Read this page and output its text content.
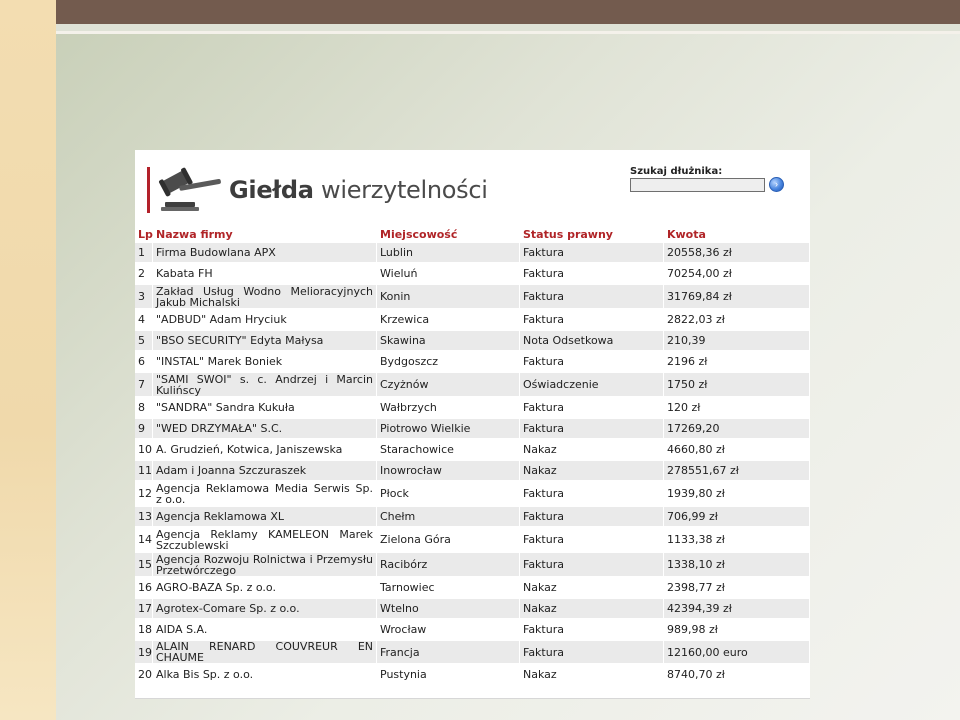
Giełda wierzytelności
Szukaj dłużnika:
›
Lp	Nazwa firmy	Miejscowość	Status prawny	Kwota
1	Firma Budowlana APX	Lublin	Faktura	20558,36 zł
2	Kabata FH	Wieluń	Faktura	70254,00 zł
3	Zakład Usług Wodno Melioracyjnych Jakub Michalski	Konin	Faktura	31769,84 zł
4	"ADBUD" Adam Hryciuk	Krzewica	Faktura	2822,03 zł
5	"BSO SECURITY" Edyta Małysa	Skawina	Nota Odsetkowa	210,39
6	"INSTAL" Marek Boniek	Bydgoszcz	Faktura	2196 zł
7	"SAMI SWOI" s. c. Andrzej i Marcin Kulińscy	Czyżnów	Oświadczenie	1750 zł
8	"SANDRA" Sandra Kukuła	Wałbrzych	Faktura	120 zł
9	"WED DRZYMAŁA" S.C.	Piotrowo Wielkie	Faktura	17269,20
10	A. Grudzień, Kotwica, Janiszewska	Starachowice	Nakaz	4660,80 zł
11	Adam i Joanna Szczuraszek	Inowrocław	Nakaz	278551,67 zł
12	Agencja Reklamowa Media Serwis Sp. z o.o.	Płock	Faktura	1939,80 zł
13	Agencja Reklamowa XL	Chełm	Faktura	706,99 zł
14	Agencja Reklamy KAMELEON Marek Szczublewski	Zielona Góra	Faktura	1133,38 zł
15	Agencja Rozwoju Rolnictwa i Przemysłu Przetwórczego	Racibórz	Faktura	1338,10 zł
16	AGRO-BAZA Sp. z o.o.	Tarnowiec	Nakaz	2398,77 zł
17	Agrotex-Comare Sp. z o.o.	Wtelno	Nakaz	42394,39 zł
18	AIDA S.A.	Wrocław	Faktura	989,98 zł
19	ALAIN RENARD COUVREUR EN CHAUME	Francja	Faktura	12160,00 euro
20	Alka Bis Sp. z o.o.	Pustynia	Nakaz	8740,70 zł
